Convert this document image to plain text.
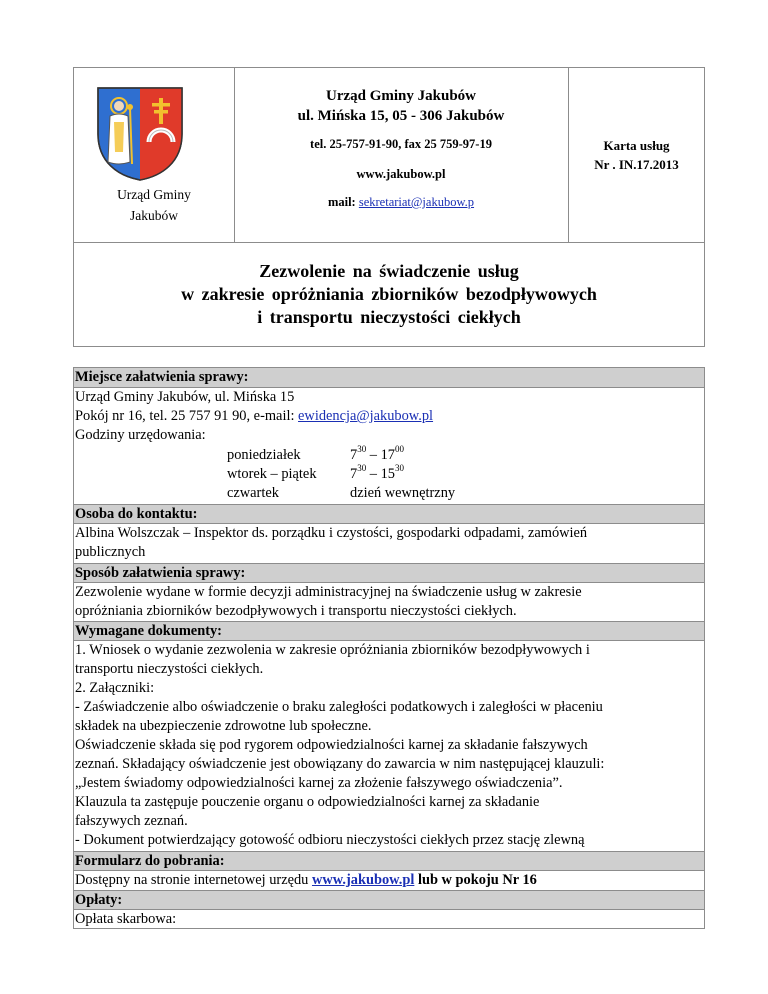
Urząd Gminy
Jakubów
Urząd Gminy Jakubów
ul. Mińska 15, 05 - 306 Jakubów
tel. 25-757-91-90, fax 25 759-97-19
www.jakubow.pl
mail: sekretariat@jakubow.p
Karta usług
Nr . IN.17.2013
Zezwolenie na świadczenie usług
w zakresie opróżniania zbiorników bezodpływowych
i transportu nieczystości ciekłych
Miejsce załatwienia sprawy:
Urząd Gminy Jakubów, ul. Mińska 15
Pokój nr 16, tel. 25 757 91 90, e-mail: ewidencja@jakubow.pl
Godziny urzędowania:
poniedziałek	$7^{30} - 17^{00}$
wtorek – piątek $7^{30} - 15^{30}$
czwartek	dzień wewnętrzny
Osoba do kontaktu:
Albina Wolszczak – Inspektor ds. porządku i czystości, gospodarki odpadami, zamówień
publicznych
Sposób załatwienia sprawy:
Zezwolenie wydane w formie decyzji administracyjnej na świadczenie usług w zakresie
opróżniania zbiorników bezodpływowych i transportu nieczystości ciekłych.
Wymagane dokumenty:
1. Wniosek o wydanie zezwolenia w zakresie opróżniania zbiorników bezodpływowych i
transportu nieczystości ciekłych.
2. Załączniki:
- Zaświadczenie albo oświadczenie o braku zaległości podatkowych i zaległości w płaceniu
składek na ubezpieczenie zdrowotne lub społeczne.
Oświadczenie składa się pod rygorem odpowiedzialności karnej za składanie fałszywych
zeznań. Składający oświadczenie jest obowiązany do zawarcia w nim następującej klauzuli:
„Jestem świadomy odpowiedzialności karnej za złożenie fałszywego oświadczenia”.
Klauzula ta zastępuje pouczenie organu o odpowiedzialności karnej za składanie
fałszywych zeznań.
- Dokument potwierdzający gotowość odbioru nieczystości ciekłych przez stację zlewną
Formularz do pobrania:
Dostępny na stronie internetowej urzędu www.jakubow.pl lub w pokoju Nr 16
Opłaty:
Opłata skarbowa:
